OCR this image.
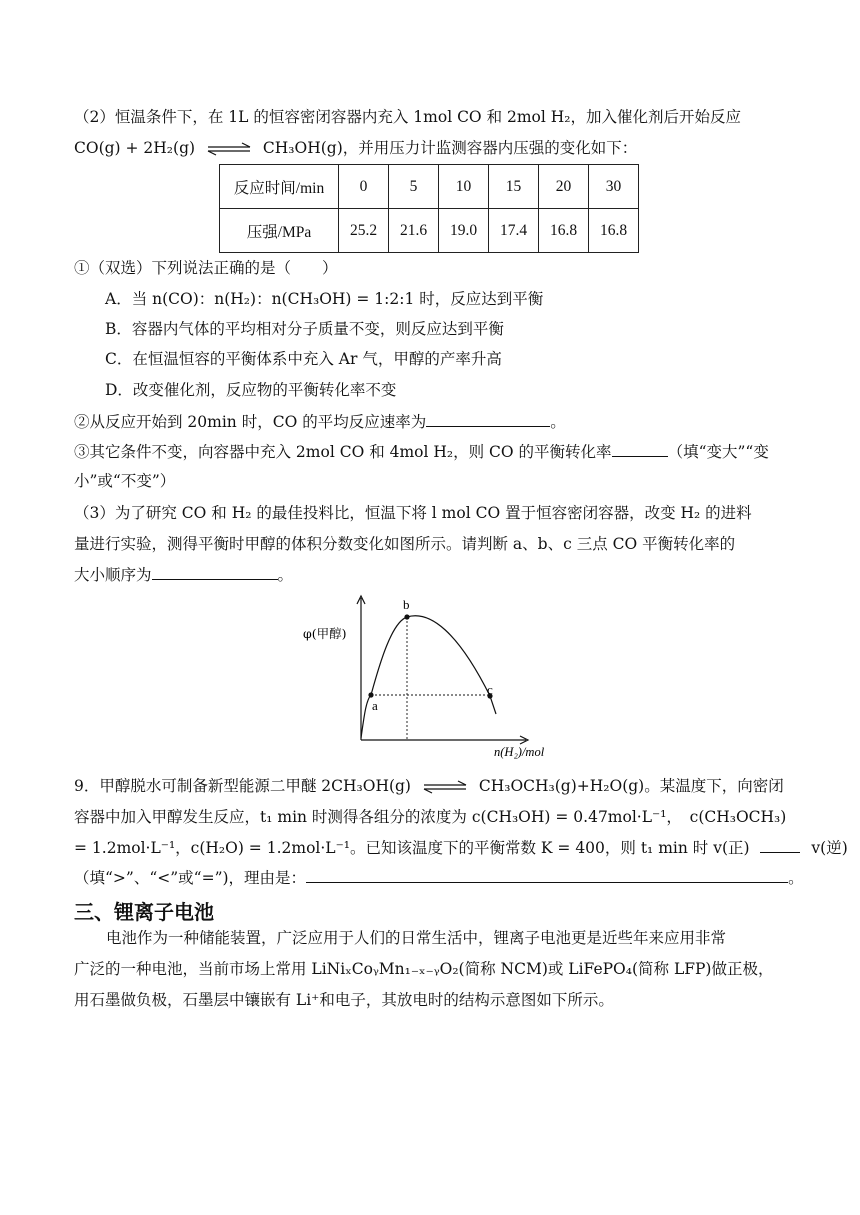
（2）恒温条件下，在 1L 的恒容密闭容器内充入 1mol CO 和 2mol H₂，加入催化剂后开始反应
CO(g) + 2H₂(g) ⇌ CH₃OH(g)，并用压力计监测容器内压强的变化如下：
反应时间/min	0	5	10	15	20	30
压强/MPa	25.2	21.6	19.0	17.4	16.8	16.8
①（双选）下列说法正确的是（　　）
A．当 n(CO)：n(H₂)：n(CH₃OH) = 1:2:1 时，反应达到平衡
B．容器内气体的平均相对分子质量不变，则反应达到平衡
C．在恒温恒容的平衡体系中充入 Ar 气，甲醇的产率升高
D．改变催化剂，反应物的平衡转化率不变
②从反应开始到 20min 时，CO 的平均反应速率为	。
③其它条件不变，向容器中充入 2mol CO 和 4mol H₂，则 CO 的平衡转化率	（填“变大”“变
小”或“不变”）
（3）为了研究 CO 和 H₂ 的最佳投料比，恒温下将 l mol CO 置于恒容密闭容器，改变 H₂ 的进料
量进行实验，测得平衡时甲醇的体积分数变化如图所示。请判断 a、b、c 三点 CO 平衡转化率的
大小顺序为	。
a
b
c
φ(甲醇)
n(H₂)/mol
9．甲醇脱水可制备新型能源二甲醚 2CH₃OH(g) ⇌ CH₃OCH₃(g)+H₂O(g)。某温度下，向密闭
容器中加入甲醇发生反应，t₁ min 时测得各组分的浓度为 c(CH₃OH) = 0.47mol·L⁻¹，　c(CH₃OCH₃)
= 1.2mol·L⁻¹，c(H₂O) = 1.2mol·L⁻¹。已知该温度下的平衡常数 K = 400，则 t₁ min 时 v(正)	v(逆)
（填“>”、“<”或“=”)，理由是：	。
三、锂离子电池
电池作为一种储能装置，广泛应用于人们的日常生活中，锂离子电池更是近些年来应用非常
广泛的一种电池，当前市场上常用 LiNiₓCoᵧMn₁₋ₓ₋ᵧO₂(简称 NCM)或 LiFePO₄(简称 LFP)做正极，
用石墨做负极，石墨层中镶嵌有 Li⁺和电子，其放电时的结构示意图如下所示。
